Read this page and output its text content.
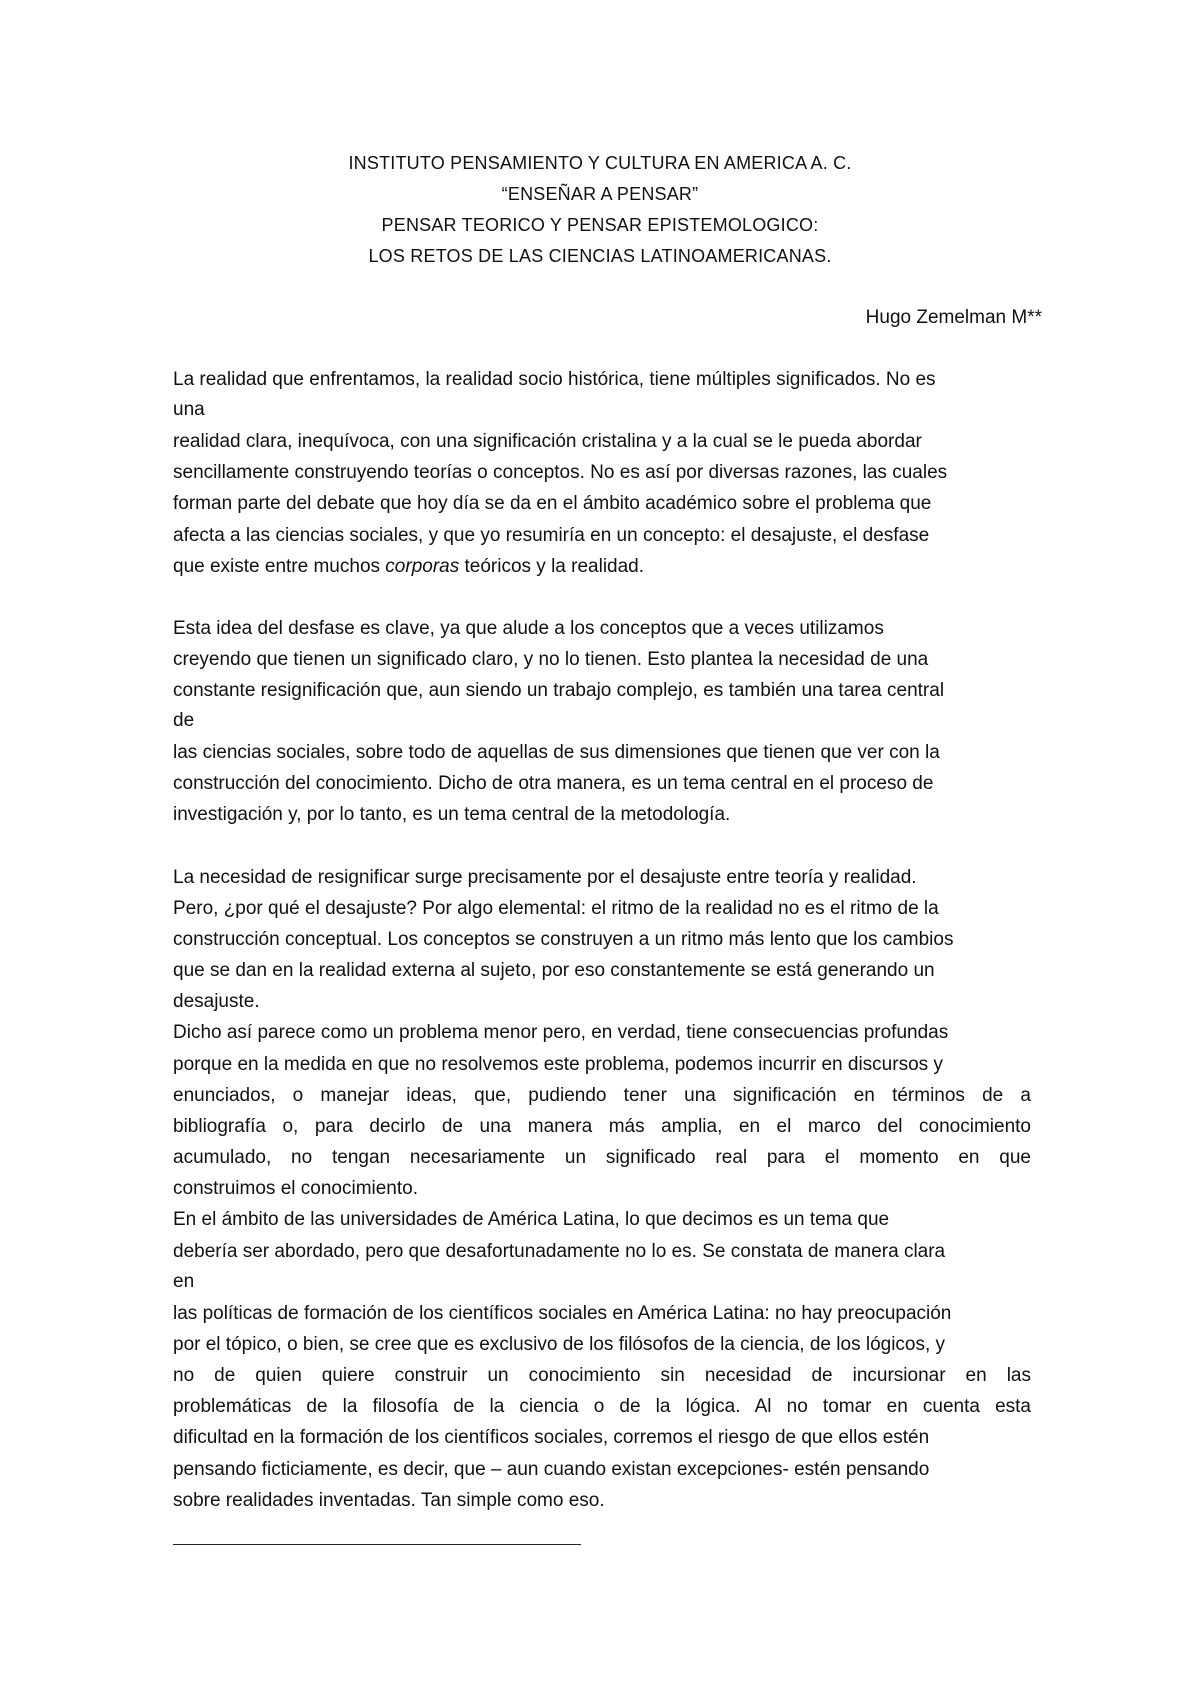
INSTITUTO PENSAMIENTO Y CULTURA EN AMERICA A. C.
“ENSEÑAR A PENSAR”
PENSAR TEORICO Y PENSAR EPISTEMOLOGICO:
LOS RETOS DE LAS CIENCIAS LATINOAMERICANAS.
Hugo Zemelman M**
La realidad que enfrentamos, la realidad socio histórica, tiene múltiples significados. No es
una
realidad clara, inequívoca, con una significación cristalina y a la cual se le pueda abordar
sencillamente construyendo teorías o conceptos. No es así por diversas razones, las cuales
forman parte del debate que hoy día se da en el ámbito académico sobre el problema que
afecta a las ciencias sociales, y que yo resumiría en un concepto: el desajuste, el desfase
que existe entre muchos corporas teóricos y la realidad.
Esta idea del desfase es clave, ya que alude a los conceptos que a veces utilizamos
creyendo que tienen un significado claro, y no lo tienen. Esto plantea la necesidad de una
constante resignificación que, aun siendo un trabajo complejo, es también una tarea central
de
las ciencias sociales, sobre todo de aquellas de sus dimensiones que tienen que ver con la
construcción del conocimiento. Dicho de otra manera, es un tema central en el proceso de
investigación y, por lo tanto, es un tema central de la metodología.
La necesidad de resignificar surge precisamente por el desajuste entre teoría y realidad.
Pero, ¿por qué el desajuste? Por algo elemental: el ritmo de la realidad no es el ritmo de la
construcción conceptual. Los conceptos se construyen a un ritmo más lento que los cambios
que se dan en la realidad externa al sujeto, por eso constantemente se está generando un
desajuste.
Dicho así parece como un problema menor pero, en verdad, tiene consecuencias profundas
porque en la medida en que no resolvemos este problema, podemos incurrir en discursos y
enunciados, o manejar ideas, que, pudiendo tener una significación en términos de a
bibliografía o, para decirlo de una manera más amplia, en el marco del conocimiento
acumulado, no tengan necesariamente un significado real para el momento en que
construimos el conocimiento.
En el ámbito de las universidades de América Latina, lo que decimos es un tema que
debería ser abordado, pero que desafortunadamente no lo es. Se constata de manera clara
en
las políticas de formación de los científicos sociales en América Latina: no hay preocupación
por el tópico, o bien, se cree que es exclusivo de los filósofos de la ciencia, de los lógicos, y
no de quien quiere construir un conocimiento sin necesidad de incursionar en las
problemáticas de la filosofía de la ciencia o de la lógica. Al no tomar en cuenta esta
dificultad en la formación de los científicos sociales, corremos el riesgo de que ellos estén
pensando ficticiamente, es decir, que – aun cuando existan excepciones- estén pensando
sobre realidades inventadas. Tan simple como eso.
